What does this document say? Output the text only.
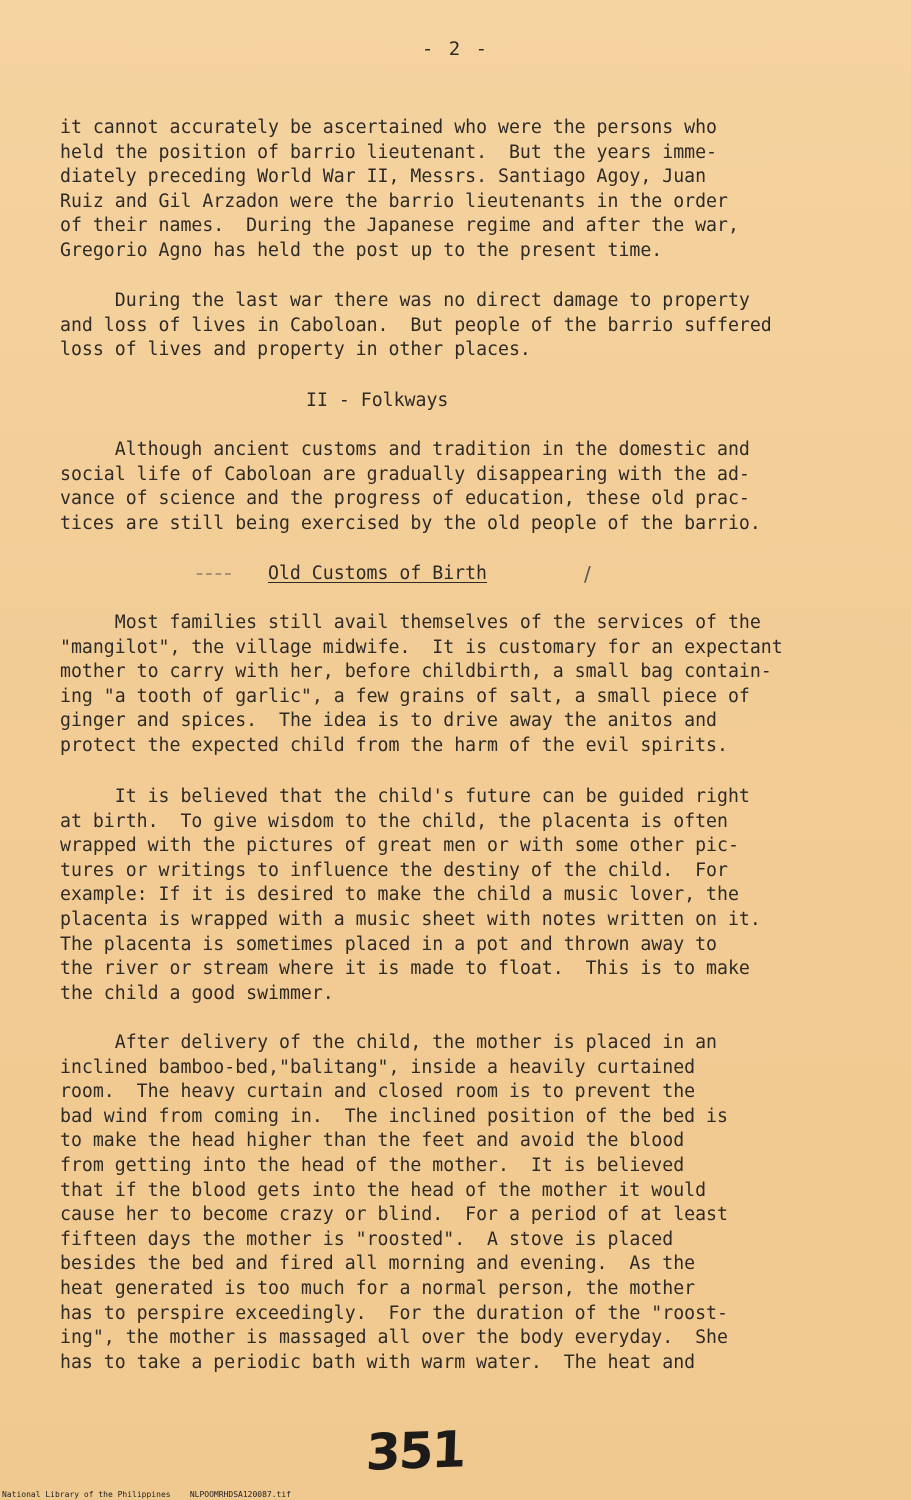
- 2 -
it cannot accurately be ascertained who were the persons who
held the position of barrio lieutenant.  But the years imme-
diately preceding World War II, Messrs. Santiago Agoy, Juan
Ruiz and Gil Arzadon were the barrio lieutenants in the order
of their names.  During the Japanese regime and after the war,
Gregorio Agno has held the post up to the present time.
During the last war there was no direct damage to property
and loss of lives in Caboloan.  But people of the barrio suffered
loss of lives and property in other places.
II - Folkways
Although ancient customs and tradition in the domestic and
social life of Caboloan are gradually disappearing with the ad-
vance of science and the progress of education, these old prac-
tices are still being exercised by the old people of the barrio.
Old Customs of Birth
– – – –	/
Most families still avail themselves of the services of the
"mangilot", the village midwife.  It is customary for an expectant
mother to carry with her, before childbirth, a small bag contain-
ing "a tooth of garlic", a few grains of salt, a small piece of
ginger and spices.  The idea is to drive away the anitos and
protect the expected child from the harm of the evil spirits.
It is believed that the child's future can be guided right
at birth.  To give wisdom to the child, the placenta is often
wrapped with the pictures of great men or with some other pic-
tures or writings to influence the destiny of the child.  For
example: If it is desired to make the child a music lover, the
placenta is wrapped with a music sheet with notes written on it.
The placenta is sometimes placed in a pot and thrown away to
the river or stream where it is made to float.  This is to make
the child a good swimmer.
After delivery of the child, the mother is placed in an
inclined bamboo-bed,"balitang", inside a heavily curtained
room.  The heavy curtain and closed room is to prevent the
bad wind from coming in.  The inclined position of the bed is
to make the head higher than the feet and avoid the blood
from getting into the head of the mother.  It is believed
that if the blood gets into the head of the mother it would
cause her to become crazy or blind.  For a period of at least
fifteen days the mother is "roosted".  A stove is placed
besides the bed and fired all morning and evening.  As the
heat generated is too much for a normal person, the mother
has to perspire exceedingly.  For the duration of the "roost-
ing", the mother is massaged all over the body everyday.  She
has to take a periodic bath with warm water.  The heat and
351
National Library of the Philippines    NLPOOMRHDSA120087.tif
